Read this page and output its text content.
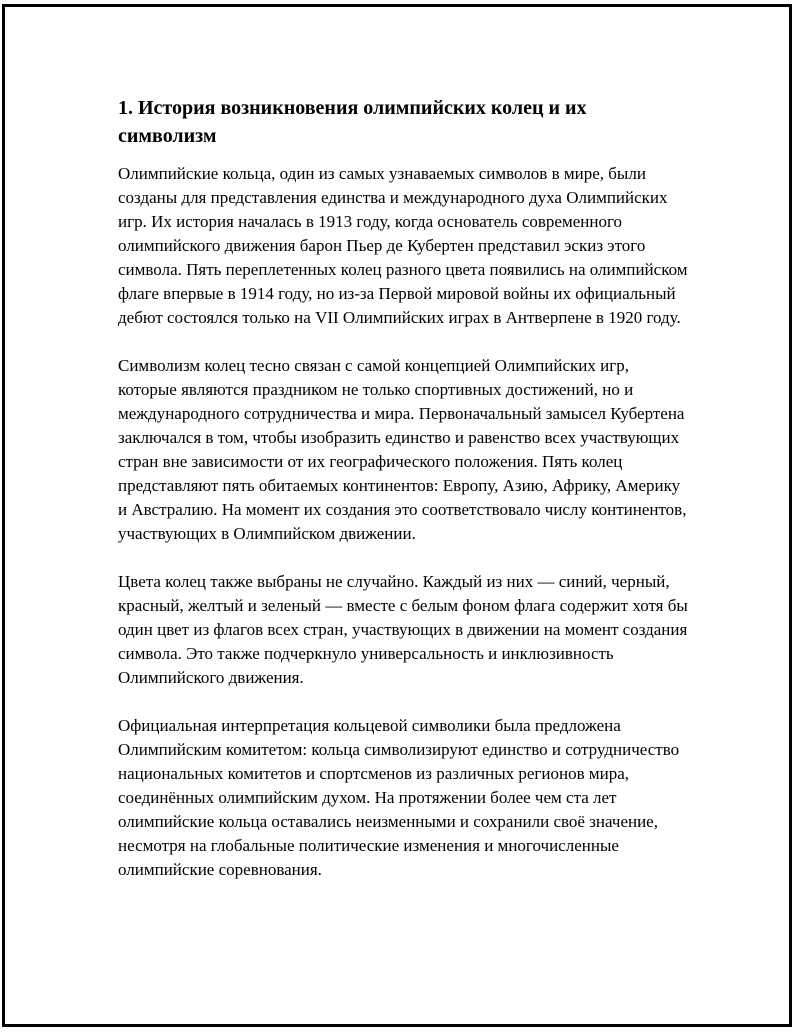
1. История возникновения олимпийских колец и их символизм

Олимпийские кольца, один из самых узнаваемых символов в мире, были созданы для представления единства и международного духа Олимпийских игр. Их история началась в 1913 году, когда основатель современного олимпийского движения барон Пьер де Кубертен представил эскиз этого символа. Пять переплетенных колец разного цвета появились на олимпийском флаге впервые в 1914 году, но из-за Первой мировой войны их официальный дебют состоялся только на VII Олимпийских играх в Антверпене в 1920 году.

Символизм колец тесно связан с самой концепцией Олимпийских игр, которые являются праздником не только спортивных достижений, но и международного сотрудничества и мира. Первоначальный замысел Кубертена заключался в том, чтобы изобразить единство и равенство всех участвующих стран вне зависимости от их географического положения. Пять колец представляют пять обитаемых континентов: Европу, Азию, Африку, Америку и Австралию. На момент их создания это соответствовало числу континентов, участвующих в Олимпийском движении.

Цвета колец также выбраны не случайно. Каждый из них — синий, черный, красный, желтый и зеленый — вместе с белым фоном флага содержит хотя бы один цвет из флагов всех стран, участвующих в движении на момент создания символа. Это также подчеркнуло универсальность и инклюзивность Олимпийского движения.

Официальная интерпретация кольцевой символики была предложена Олимпийским комитетом: кольца символизируют единство и сотрудничество национальных комитетов и спортсменов из различных регионов мира, соединённых олимпийским духом. На протяжении более чем ста лет олимпийские кольца оставались неизменными и сохранили своё значение, несмотря на глобальные политические изменения и многочисленные олимпийские соревнования.
